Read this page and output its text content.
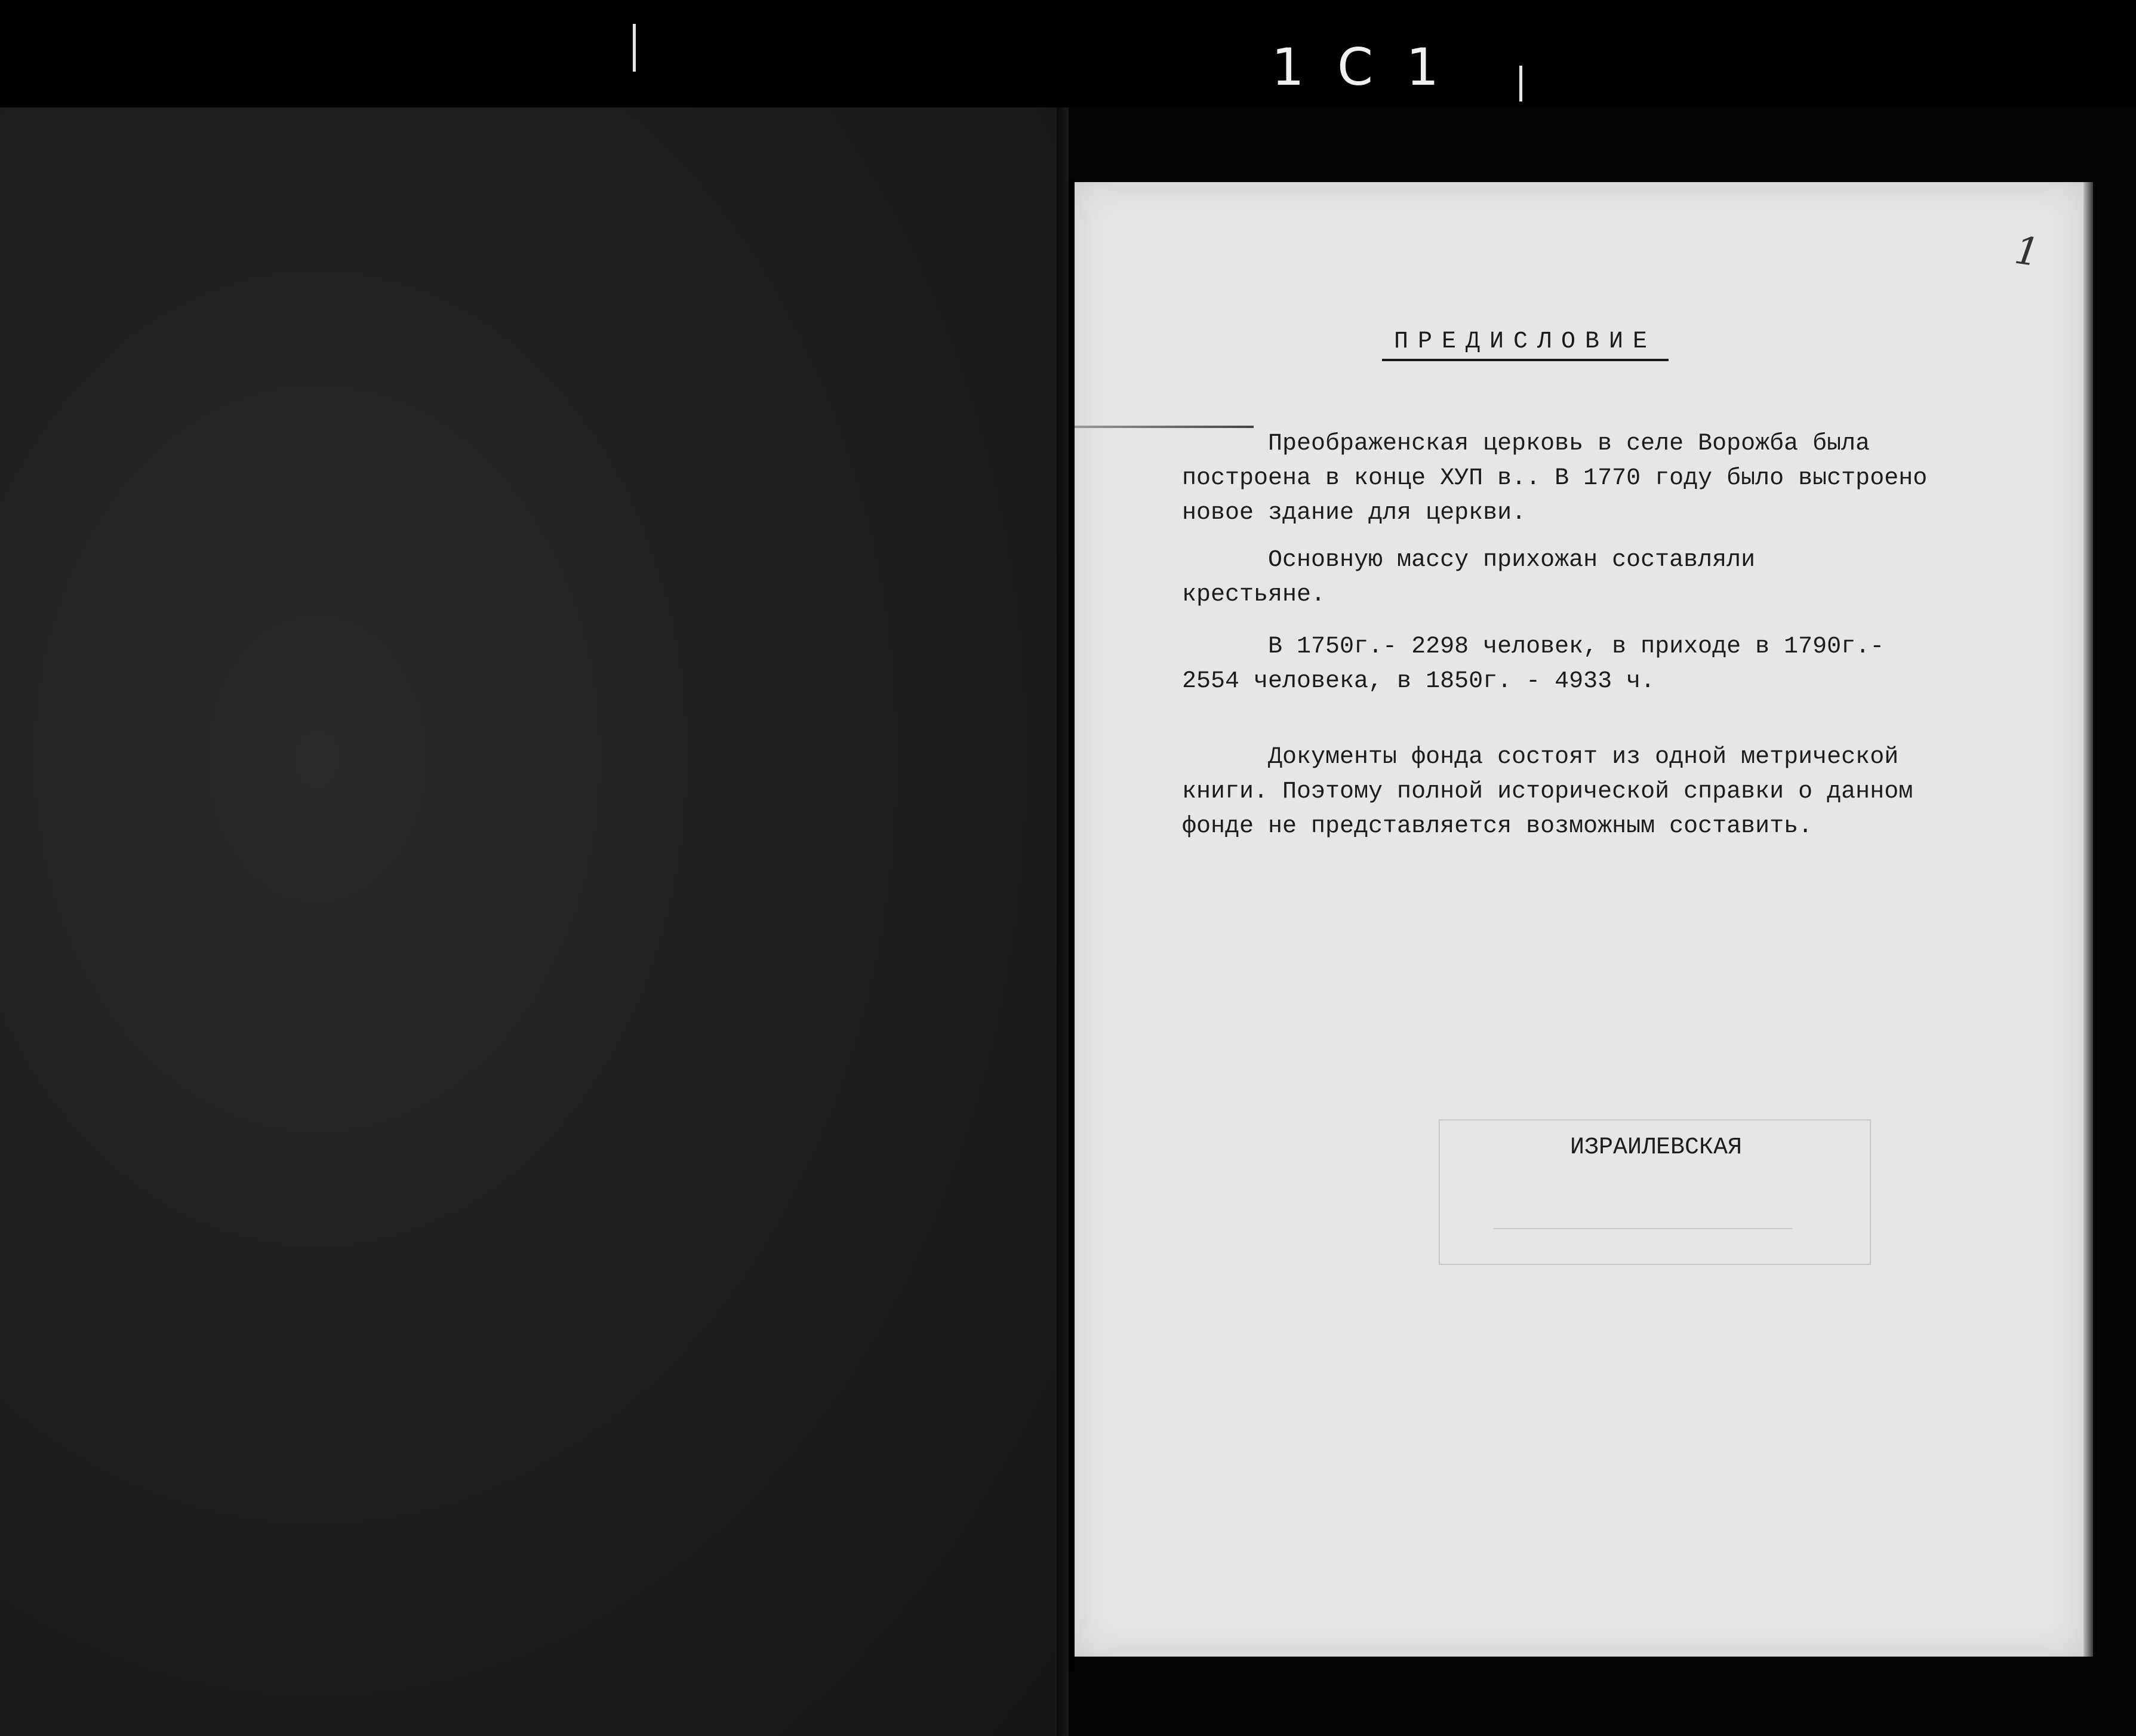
1 С 1
1
ПРЕДИСЛОВИЕ
Преображенская церковь в селе Ворожба была
построена в конце ХУП в.. В 1770 году было выстроено
новое здание для церкви.
Основную массу прихожан составляли
крестьяне.
В 1750г.- 2298 человек, в приходе в 1790г.-
2554 человека, в 1850г. - 4933 ч.
Документы фонда состоят из одной метрической
книги. Поэтому полной исторической справки о данном
фонде не представляется возможным составить.
ИЗРАИЛЕВСКАЯ
